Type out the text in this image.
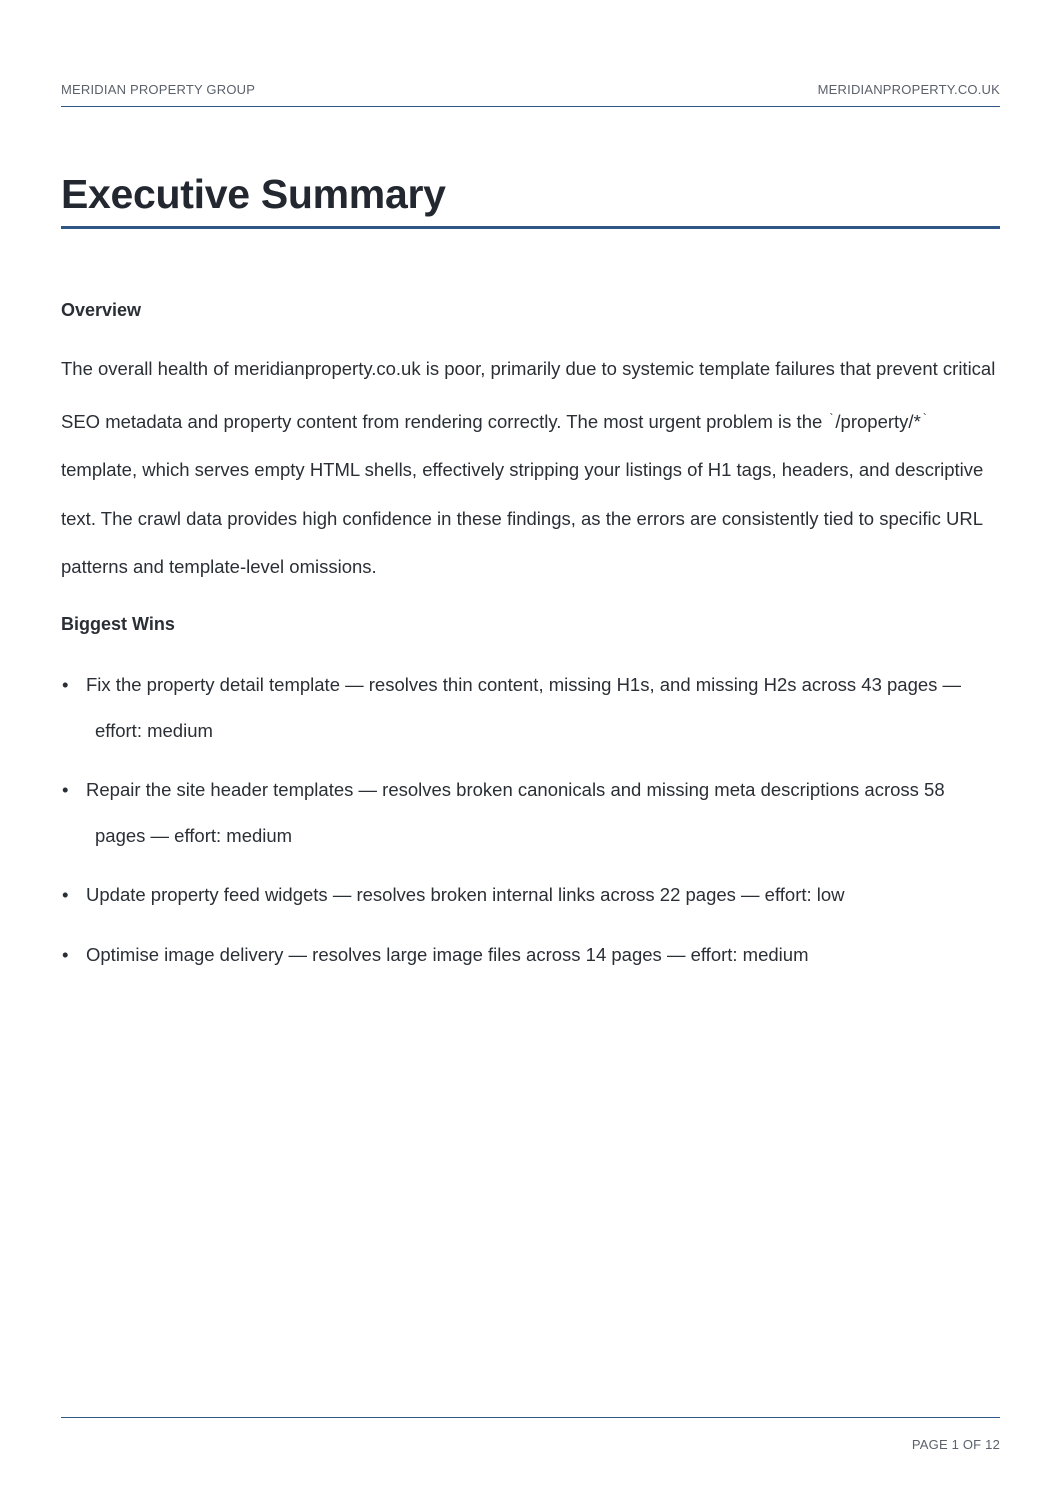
MERIDIAN PROPERTY GROUP	MERIDIANPROPERTY.CO.UK
Executive Summary
Overview

The overall health of meridianproperty.co.uk is poor, primarily due to systemic template failures that prevent critical SEO metadata and property content from rendering correctly. The most urgent problem is the ` /property/* ` template, which serves empty HTML shells, effectively stripping your listings of H1 tags, headers, and descriptive text. The crawl data provides high confidence in these findings, as the errors are consistently tied to specific URL patterns and template-level omissions.

Biggest Wins
• Fix the property detail template — resolves thin content, missing H1s, and missing H2s across 43 pages — effort: medium
• Repair the site header templates — resolves broken canonicals and missing meta descriptions across 58 pages — effort: medium
• Update property feed widgets — resolves broken internal links across 22 pages — effort: low
• Optimise image delivery — resolves large image files across 14 pages — effort: medium
PAGE 1 OF 12
